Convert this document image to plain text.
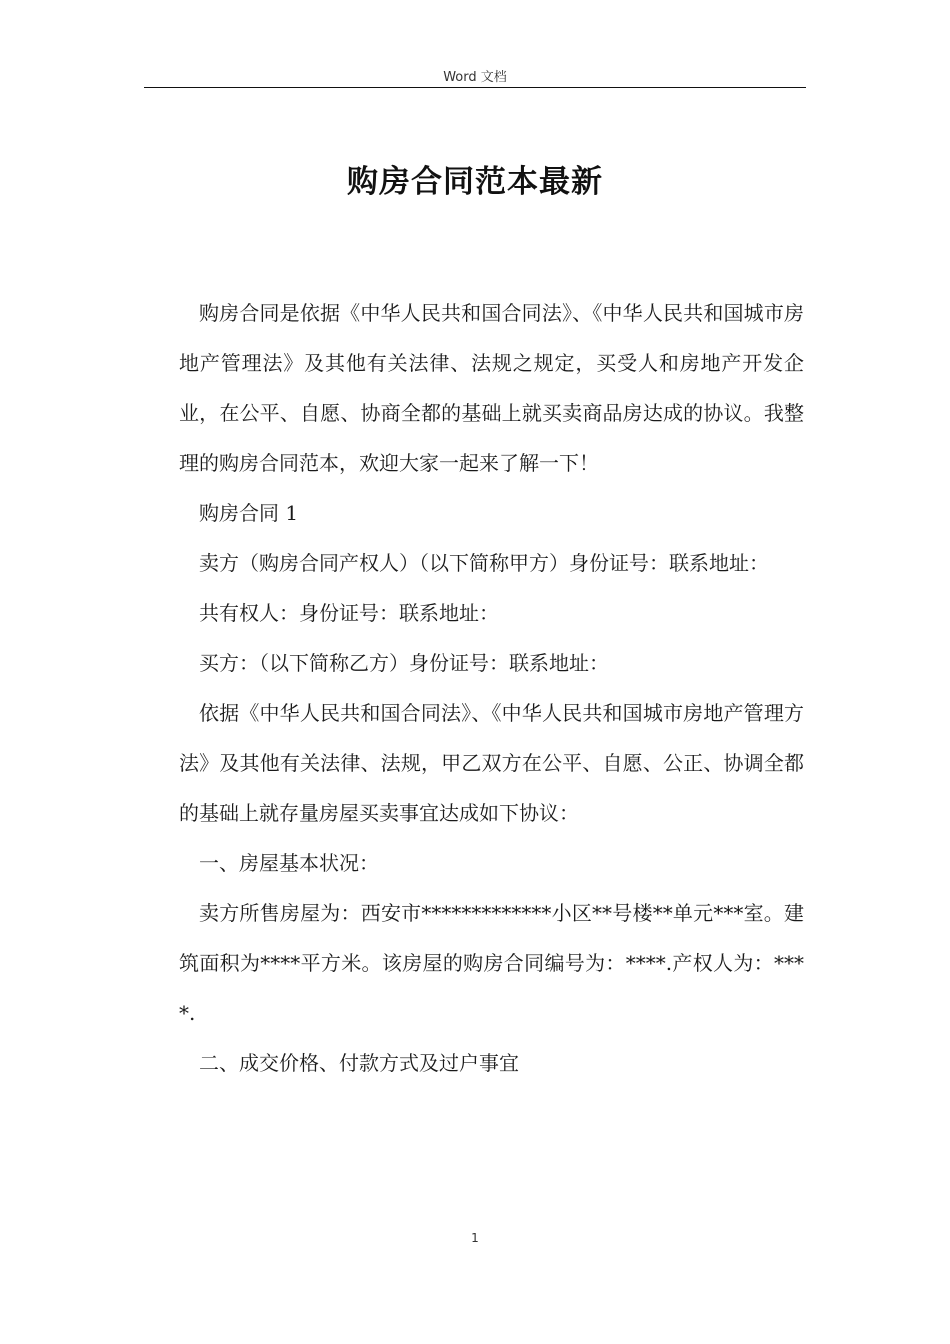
Word 文档
购房合同范本最新

购房合同是依据《中华人民共和国合同法》、《中华人民共和国城市房地产管理法》及其他有关法律、法规之规定，买受人和房地产开发企业，在公平、自愿、协商全都的基础上就买卖商品房达成的协议。我整理的购房合同范本，欢迎大家一起来了解一下！

购房合同 1

卖方（购房合同产权人）（以下简称甲方）身份证号：联系地址：

共有权人：身份证号：联系地址：

买方：（以下简称乙方）身份证号：联系地址：

依据《中华人民共和国合同法》、《中华人民共和国城市房地产管理方法》及其他有关法律、法规，甲乙双方在公平、自愿、公正、协调全都的基础上就存量房屋买卖事宜达成如下协议：

一、房屋基本状况：

卖方所售房屋为：西安市*************小区**号楼**单元***室。建筑面积为****平方米。该房屋的购房合同编号为：****.产权人为：****.

二、成交价格、付款方式及过户事宜

1
